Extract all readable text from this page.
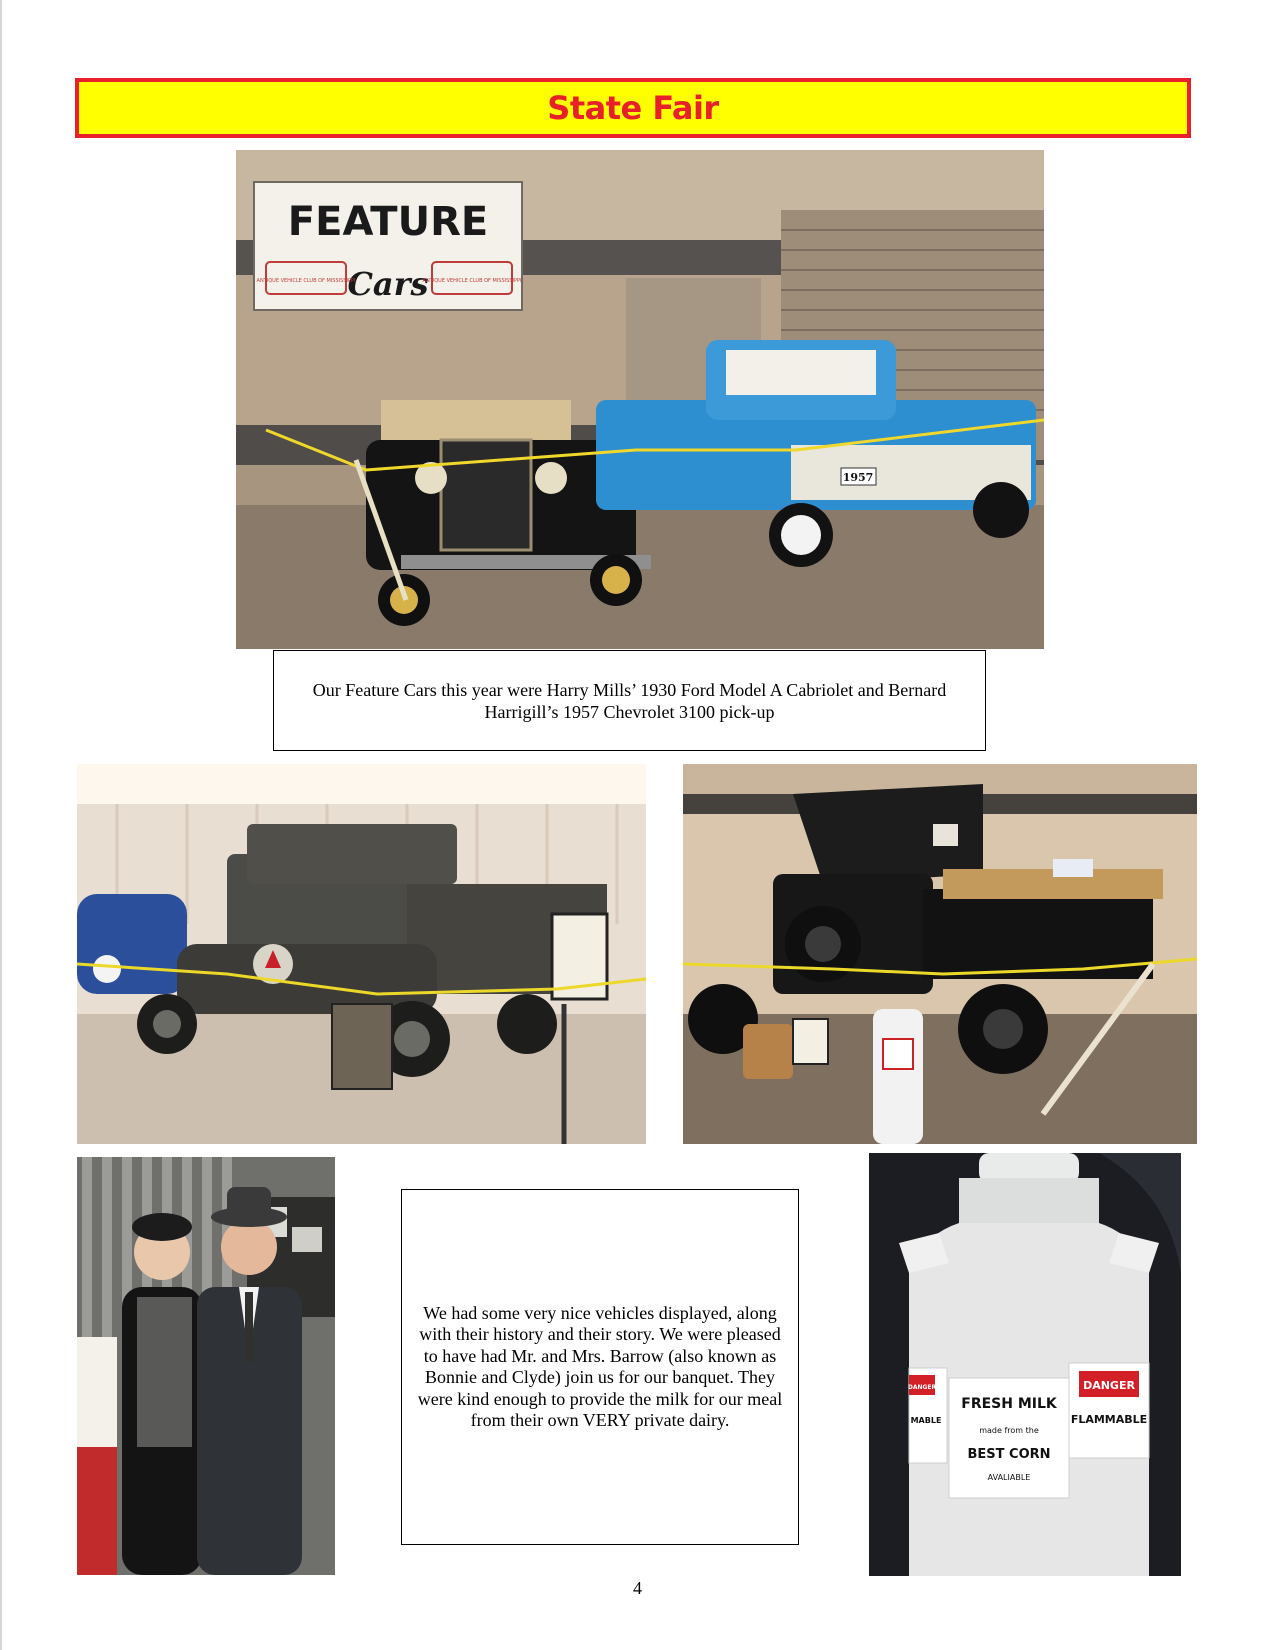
State Fair
FEATURE
Cars
ANTIQUE VEHICLE CLUB OF MISSISSIPPI	ANTIQUE VEHICLE CLUB OF MISSISSIPPI
1957
Our Feature Cars this year were Harry Mills’ 1930 Ford Model A Cabriolet and Bernard Harrigill’s 1957 Chevrolet 3100 pick-up
We had some very nice vehicles displayed, along with their history and their story. We were pleased to have had Mr. and Mrs. Barrow (also known as Bonnie and Clyde) join us for our banquet. They were kind enough to provide the milk for our meal from their own VERY private dairy.
FRESH MILK
made from the
BEST CORN
AVALIABLE
DANGER
MABLE
DANGER
FLAMMABLE
4
